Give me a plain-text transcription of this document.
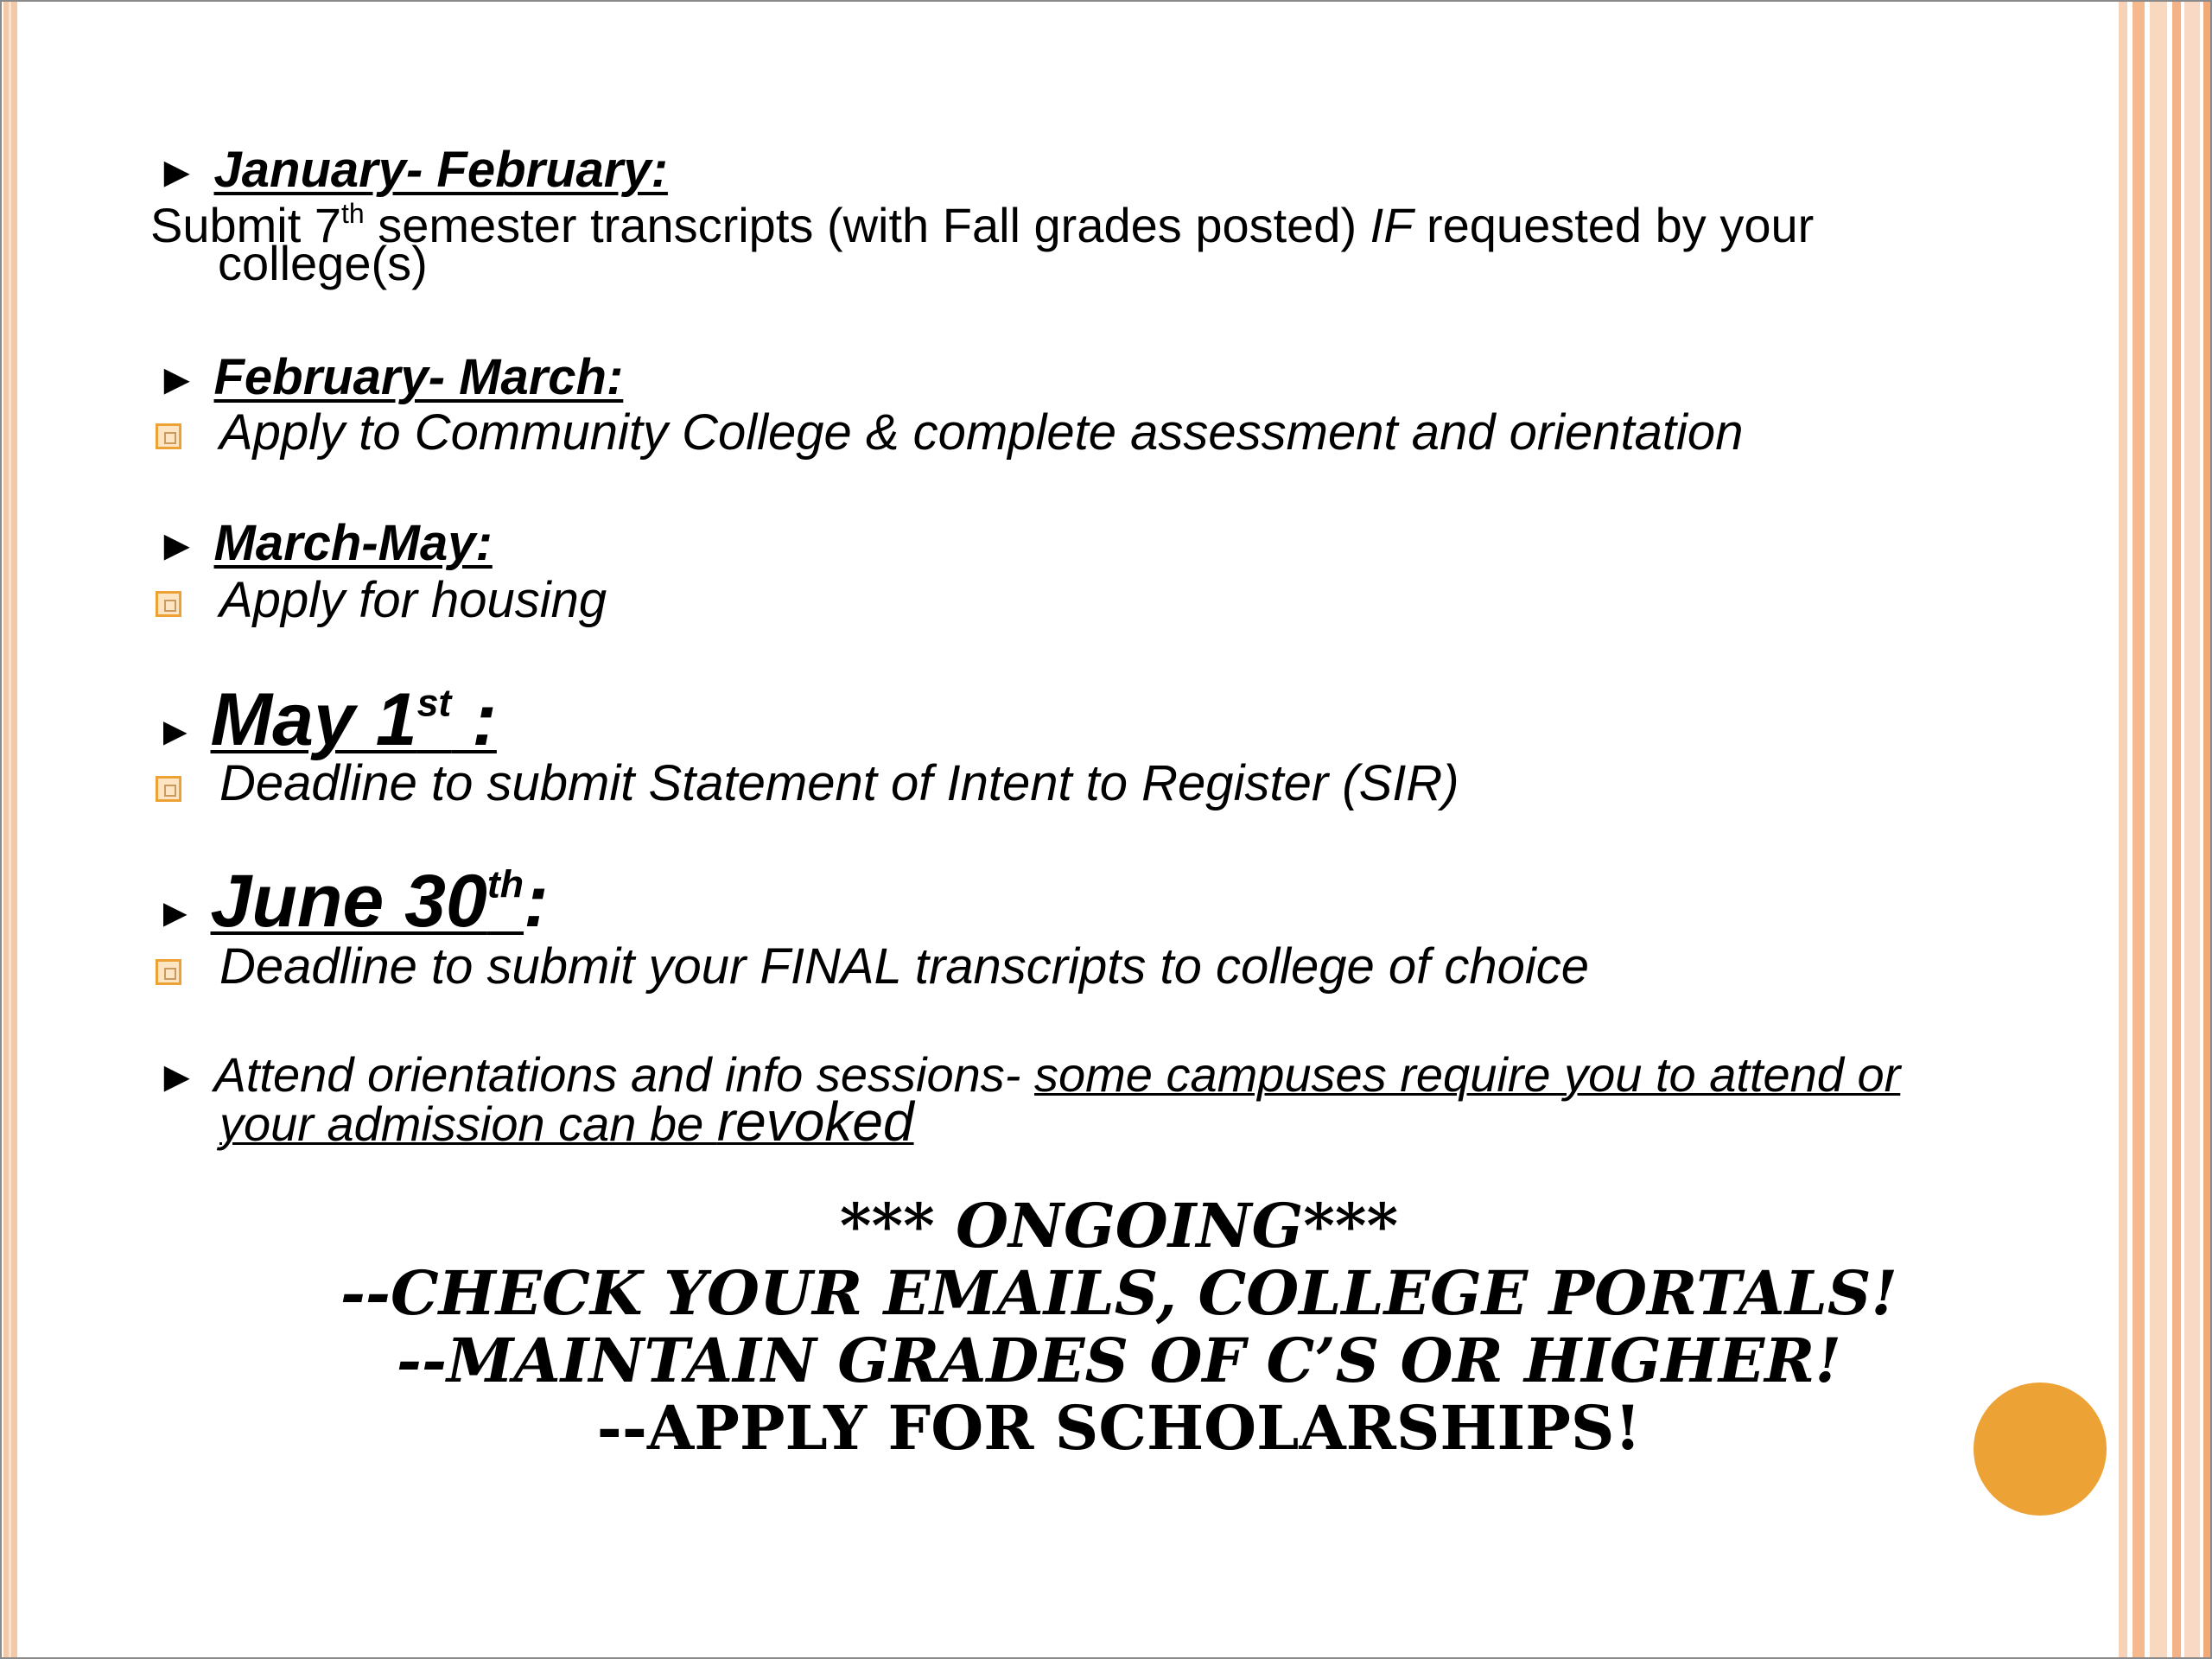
► January- February:
Submit 7th semester transcripts (with Fall grades posted) IF requested by your
college(s)
► February- March:
Apply to Community College & complete assessment and orientation
► March-May:
Apply for housing
► May 1st :
Deadline to submit Statement of Intent to Register (SIR)
► June 30th:
Deadline to submit your FINAL transcripts to college of choice
► Attend orientations and info sessions- some campuses require you to attend or
your admission can be revoked
*** ONGOING***
--CHECK YOUR EMAILS, COLLEGE PORTALS!
--MAINTAIN GRADES OF C’S OR HIGHER!
--APPLY FOR SCHOLARSHIPS!
